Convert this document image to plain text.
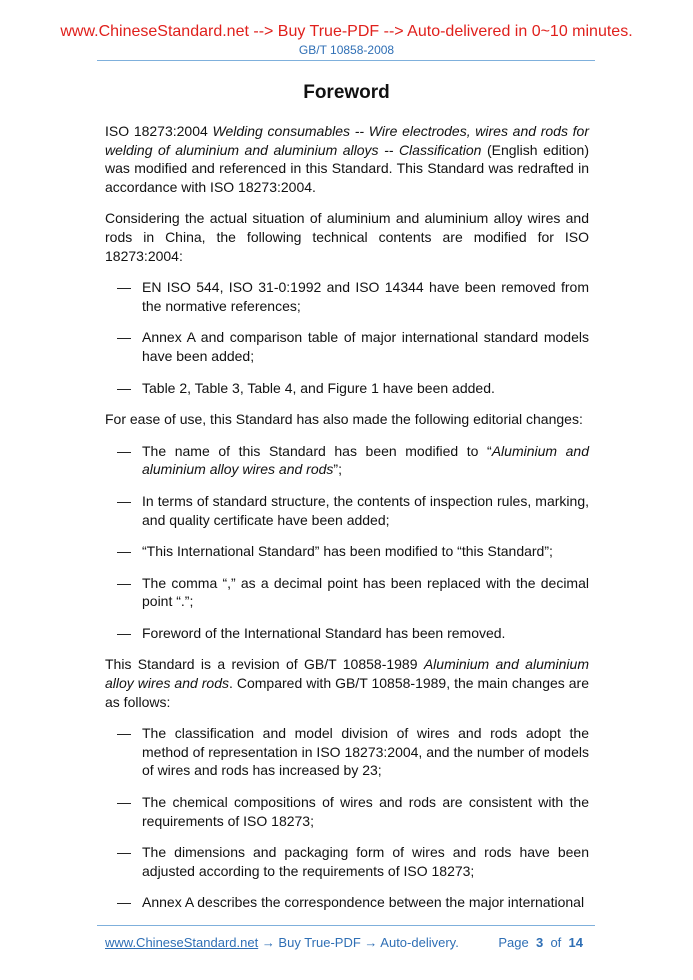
www.ChineseStandard.net --> Buy True-PDF --> Auto-delivered in 0~10 minutes.
GB/T 10858-2008
Foreword
ISO 18273:2004 Welding consumables -- Wire electrodes, wires and rods for welding of aluminium and aluminium alloys -- Classification (English edition) was modified and referenced in this Standard. This Standard was redrafted in accordance with ISO 18273:2004.
Considering the actual situation of aluminium and aluminium alloy wires and rods in China, the following technical contents are modified for ISO 18273:2004:
— EN ISO 544, ISO 31-0:1992 and ISO 14344 have been removed from the normative references;
— Annex A and comparison table of major international standard models have been added;
— Table 2, Table 3, Table 4, and Figure 1 have been added.
For ease of use, this Standard has also made the following editorial changes:
— The name of this Standard has been modified to “Aluminium and aluminium alloy wires and rods”;
— In terms of standard structure, the contents of inspection rules, marking, and quality certificate have been added;
— “This International Standard” has been modified to “this Standard”;
— The comma “,” as a decimal point has been replaced with the decimal point “.”;
— Foreword of the International Standard has been removed.
This Standard is a revision of GB/T 10858-1989 Aluminium and aluminium alloy wires and rods. Compared with GB/T 10858-1989, the main changes are as follows:
— The classification and model division of wires and rods adopt the method of representation in ISO 18273:2004, and the number of models of wires and rods has increased by 23;
— The chemical compositions of wires and rods are consistent with the requirements of ISO 18273;
— The dimensions and packaging form of wires and rods have been adjusted according to the requirements of ISO 18273;
— Annex A describes the correspondence between the major international
www.ChineseStandard.net → Buy True-PDF → Auto-delivery.	Page 3 of 14
